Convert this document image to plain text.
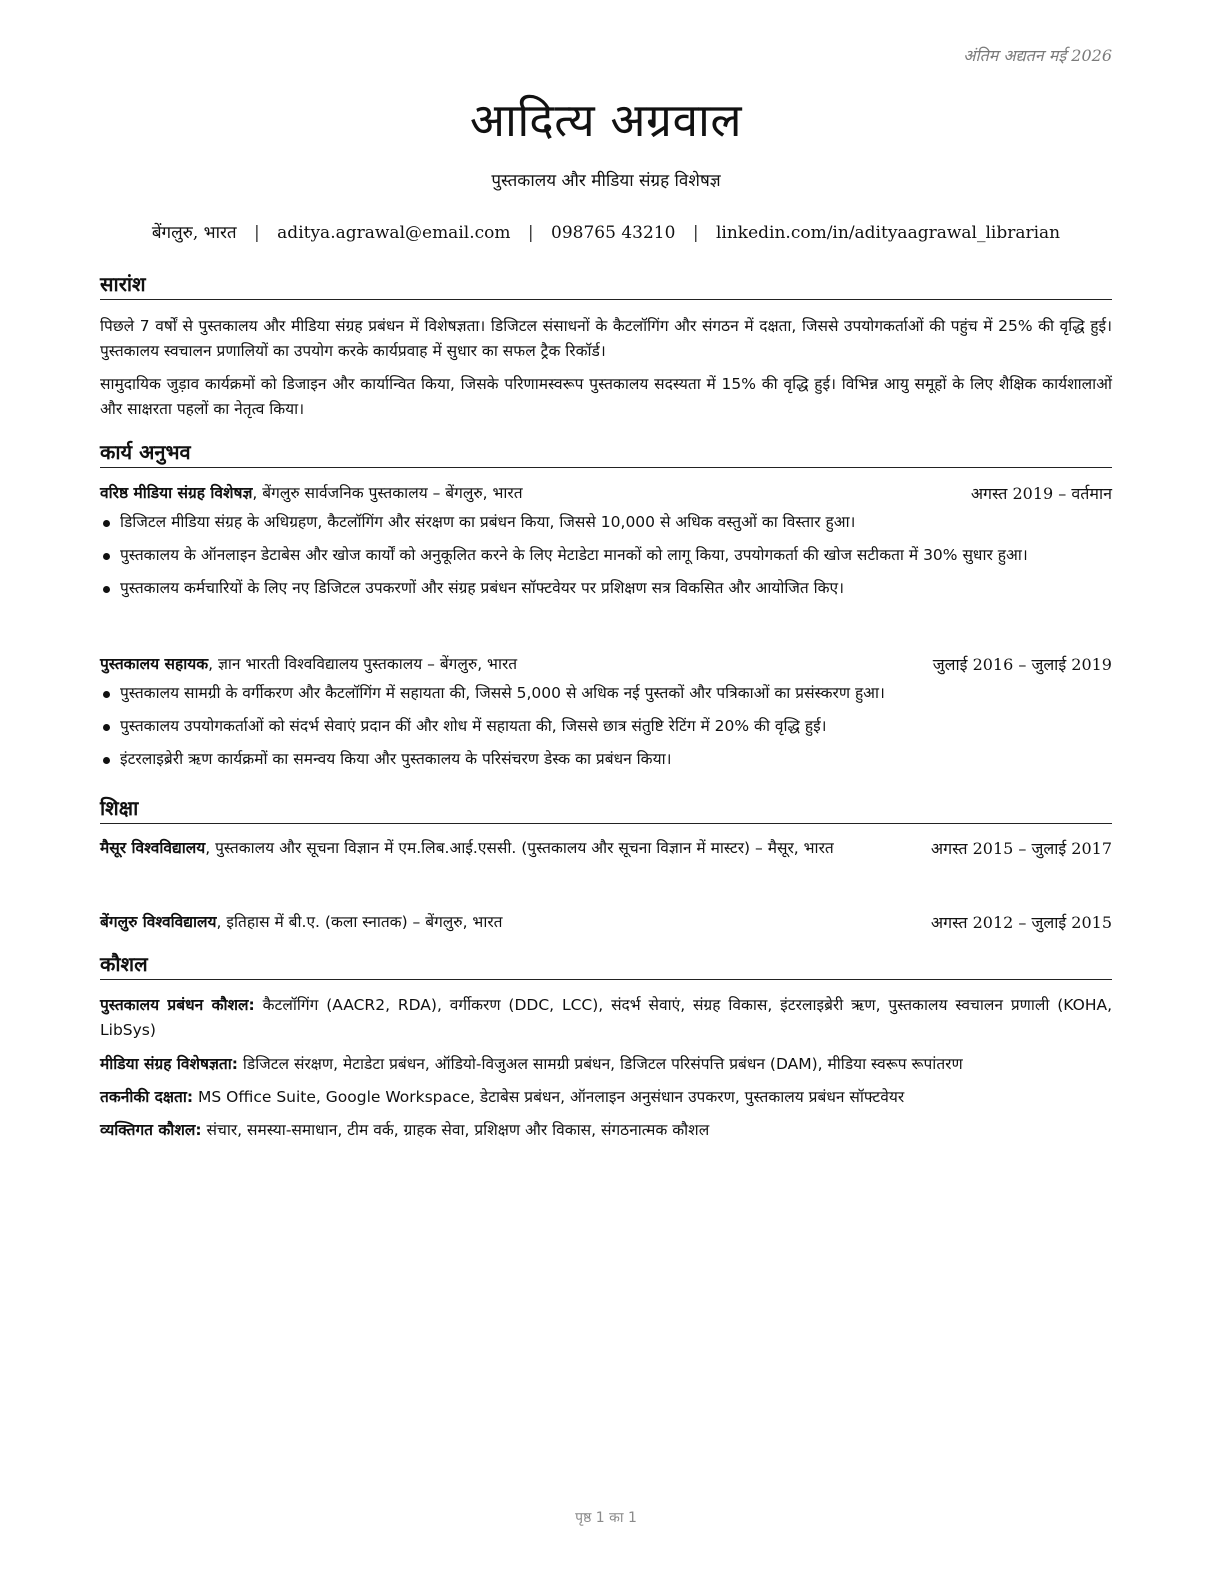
अंतिम अद्यतन मई 2026
आदित्य अग्रवाल
पुस्तकालय और मीडिया संग्रह विशेषज्ञ
बेंगलुरु, भारत | aditya.agrawal@email.com | 098765 43210 | linkedin.com/in/adityaagrawal_librarian
सारांश
पिछले 7 वर्षों से पुस्तकालय और मीडिया संग्रह प्रबंधन में विशेषज्ञता। डिजिटल संसाधनों के कैटलॉगिंग और संगठन में दक्षता, जिससे उपयोगकर्ताओं की पहुंच में 25% की वृद्धि हुई। पुस्तकालय स्वचालन प्रणालियों का उपयोग करके कार्यप्रवाह में सुधार का सफल ट्रैक रिकॉर्ड।
सामुदायिक जुड़ाव कार्यक्रमों को डिजाइन और कार्यान्वित किया, जिसके परिणामस्वरूप पुस्तकालय सदस्यता में 15% की वृद्धि हुई। विभिन्न आयु समूहों के लिए शैक्षिक कार्यशालाओं और साक्षरता पहलों का नेतृत्व किया।
कार्य अनुभव
वरिष्ठ मीडिया संग्रह विशेषज्ञ, बेंगलुरु सार्वजनिक पुस्तकालय – बेंगलुरु, भारत	अगस्त 2019 – वर्तमान
डिजिटल मीडिया संग्रह के अधिग्रहण, कैटलॉगिंग और संरक्षण का प्रबंधन किया, जिससे 10,000 से अधिक वस्तुओं का विस्तार हुआ।
पुस्तकालय के ऑनलाइन डेटाबेस और खोज कार्यों को अनुकूलित करने के लिए मेटाडेटा मानकों को लागू किया, उपयोगकर्ता की खोज सटीकता में 30% सुधार हुआ।
पुस्तकालय कर्मचारियों के लिए नए डिजिटल उपकरणों और संग्रह प्रबंधन सॉफ्टवेयर पर प्रशिक्षण सत्र विकसित और आयोजित किए।
पुस्तकालय सहायक, ज्ञान भारती विश्वविद्यालय पुस्तकालय – बेंगलुरु, भारत	जुलाई 2016 – जुलाई 2019
पुस्तकालय सामग्री के वर्गीकरण और कैटलॉगिंग में सहायता की, जिससे 5,000 से अधिक नई पुस्तकों और पत्रिकाओं का प्रसंस्करण हुआ।
पुस्तकालय उपयोगकर्ताओं को संदर्भ सेवाएं प्रदान कीं और शोध में सहायता की, जिससे छात्र संतुष्टि रेटिंग में 20% की वृद्धि हुई।
इंटरलाइब्रेरी ऋण कार्यक्रमों का समन्वय किया और पुस्तकालय के परिसंचरण डेस्क का प्रबंधन किया।
शिक्षा
मैसूर विश्वविद्यालय, पुस्तकालय और सूचना विज्ञान में एम.लिब.आई.एससी. (पुस्तकालय और सूचना विज्ञान में मास्टर) – मैसूर, भारत	अगस्त 2015 – जुलाई 2017
बेंगलुरु विश्वविद्यालय, इतिहास में बी.ए. (कला स्नातक) – बेंगलुरु, भारत	अगस्त 2012 – जुलाई 2015
कौशल
पुस्तकालय प्रबंधन कौशल: कैटलॉगिंग (AACR2, RDA), वर्गीकरण (DDC, LCC), संदर्भ सेवाएं, संग्रह विकास, इंटरलाइब्रेरी ऋण, पुस्तकालय स्वचालन प्रणाली (KOHA, LibSys)
मीडिया संग्रह विशेषज्ञता: डिजिटल संरक्षण, मेटाडेटा प्रबंधन, ऑडियो-विजुअल सामग्री प्रबंधन, डिजिटल परिसंपत्ति प्रबंधन (DAM), मीडिया स्वरूप रूपांतरण
तकनीकी दक्षता: MS Office Suite, Google Workspace, डेटाबेस प्रबंधन, ऑनलाइन अनुसंधान उपकरण, पुस्तकालय प्रबंधन सॉफ्टवेयर
व्यक्तिगत कौशल: संचार, समस्या-समाधान, टीम वर्क, ग्राहक सेवा, प्रशिक्षण और विकास, संगठनात्मक कौशल
पृष्ठ 1 का 1
